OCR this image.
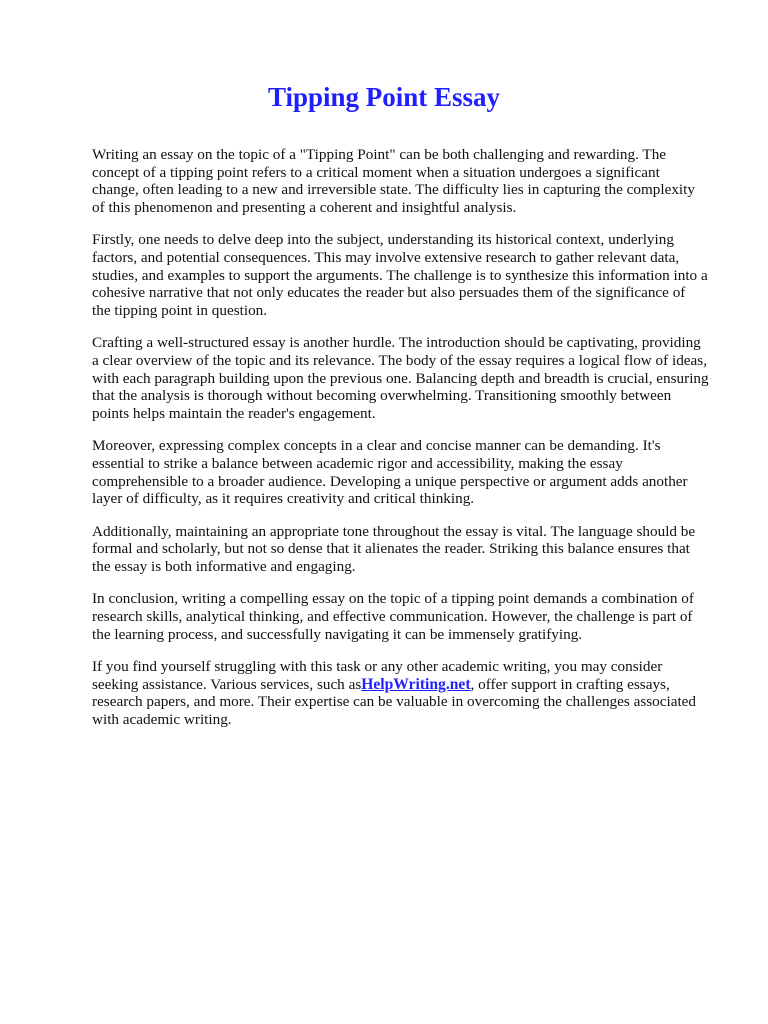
Tipping Point Essay

Writing an essay on the topic of a "Tipping Point" can be both challenging and rewarding. The
concept of a tipping point refers to a critical moment when a situation undergoes a significant
change, often leading to a new and irreversible state. The difficulty lies in capturing the complexity
of this phenomenon and presenting a coherent and insightful analysis.

Firstly, one needs to delve deep into the subject, understanding its historical context, underlying
factors, and potential consequences. This may involve extensive research to gather relevant data,
studies, and examples to support the arguments. The challenge is to synthesize this information into a
cohesive narrative that not only educates the reader but also persuades them of the significance of
the tipping point in question.

Crafting a well-structured essay is another hurdle. The introduction should be captivating, providing
a clear overview of the topic and its relevance. The body of the essay requires a logical flow of ideas,
with each paragraph building upon the previous one. Balancing depth and breadth is crucial, ensuring
that the analysis is thorough without becoming overwhelming. Transitioning smoothly between
points helps maintain the reader's engagement.

Moreover, expressing complex concepts in a clear and concise manner can be demanding. It's
essential to strike a balance between academic rigor and accessibility, making the essay
comprehensible to a broader audience. Developing a unique perspective or argument adds another
layer of difficulty, as it requires creativity and critical thinking.

Additionally, maintaining an appropriate tone throughout the essay is vital. The language should be
formal and scholarly, but not so dense that it alienates the reader. Striking this balance ensures that
the essay is both informative and engaging.

In conclusion, writing a compelling essay on the topic of a tipping point demands a combination of
research skills, analytical thinking, and effective communication. However, the challenge is part of
the learning process, and successfully navigating it can be immensely gratifying.

If you find yourself struggling with this task or any other academic writing, you may consider
seeking assistance. Various services, such asHelpWriting.net, offer support in crafting essays,
research papers, and more. Their expertise can be valuable in overcoming the challenges associated
with academic writing.
